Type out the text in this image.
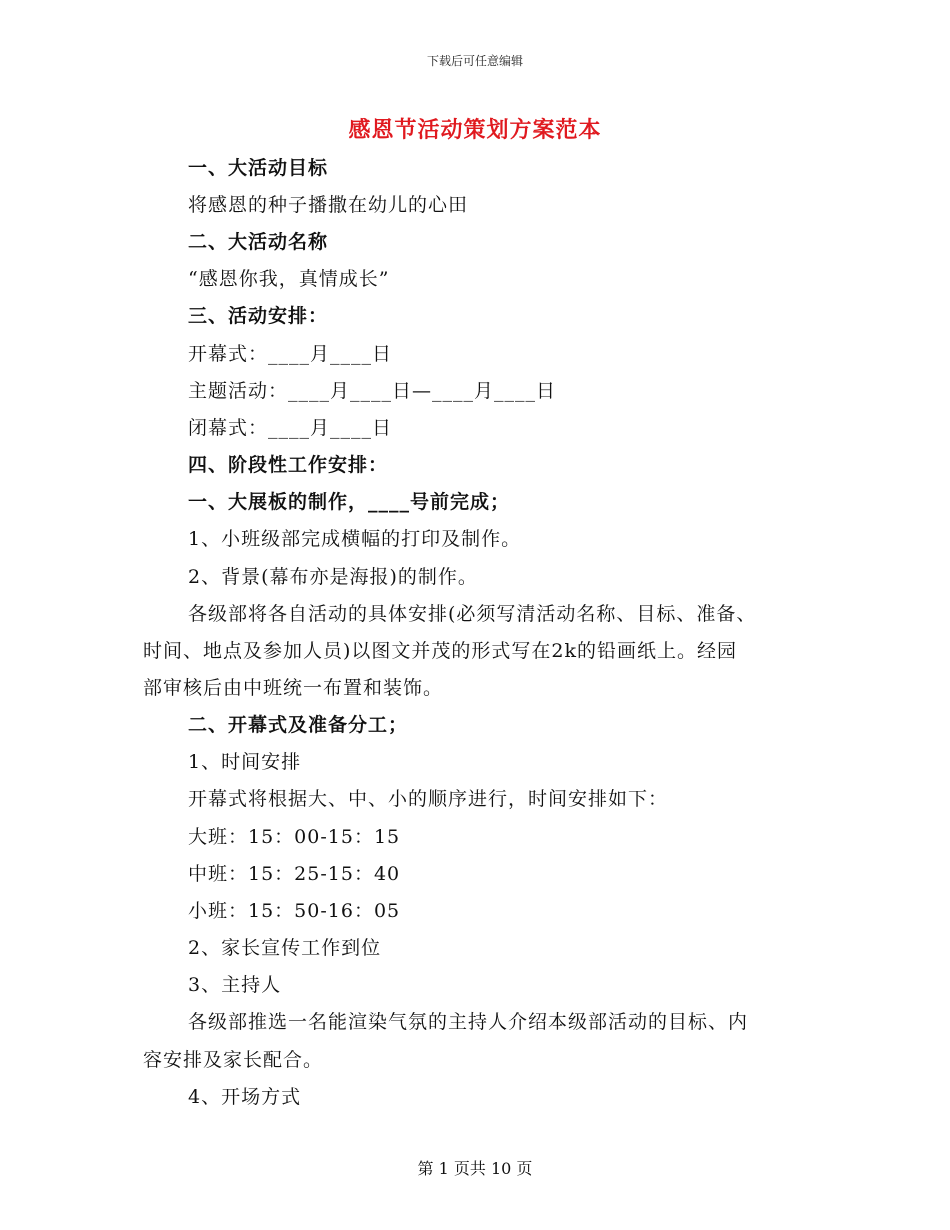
下载后可任意编辑
感恩节活动策划方案范本
一、大活动目标
将感恩的种子播撒在幼儿的心田
二、大活动名称
“感恩你我，真情成长”
三、活动安排：
开幕式：____月____日
主题活动：____月____日—____月____日
闭幕式：____月____日
四、阶段性工作安排：
一、大展板的制作，____号前完成；
1、小班级部完成横幅的打印及制作。
2、背景(幕布亦是海报)的制作。
各级部将各自活动的具体安排(必须写清活动名称、目标、准备、
时间、地点及参加人员)以图文并茂的形式写在2k的铅画纸上。经园
部审核后由中班统一布置和装饰。
二、开幕式及准备分工；
1、时间安排
开幕式将根据大、中、小的顺序进行，时间安排如下：
大班：15：00-15：15
中班：15：25-15：40
小班：15：50-16：05
2、家长宣传工作到位
3、主持人
各级部推选一名能渲染气氛的主持人介绍本级部活动的目标、内
容安排及家长配合。
4、开场方式
第 1 页共 10 页
